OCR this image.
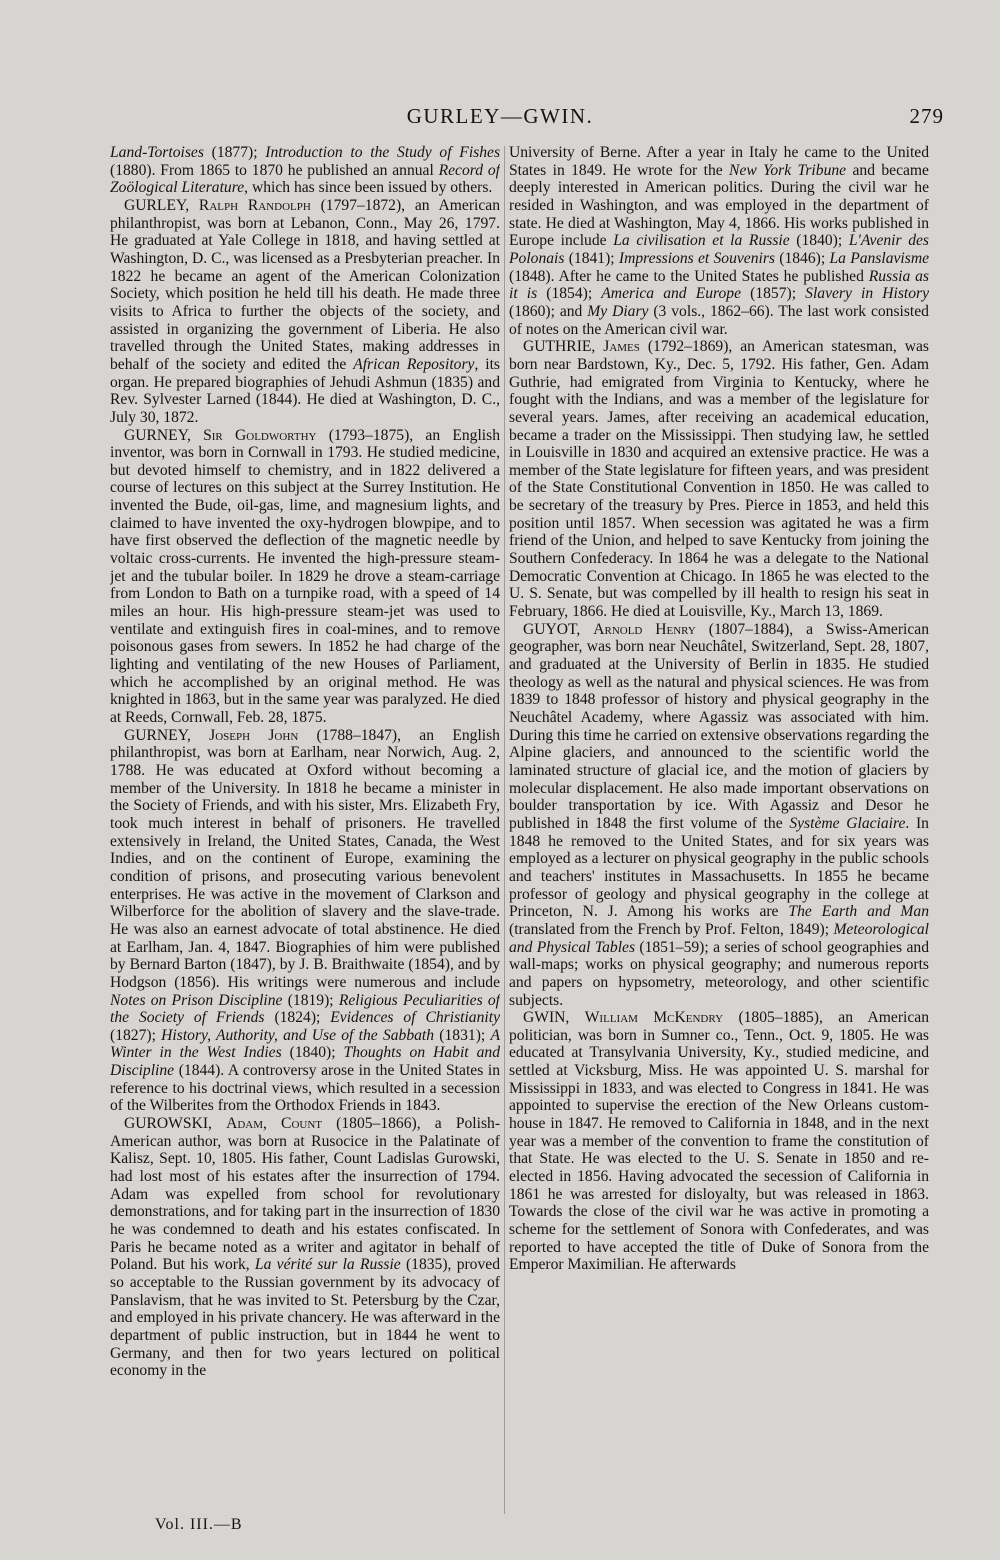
GURLEY—GWIN.	279

Land-Tortoises (1877); Introduction to the Study of Fishes (1880). From 1865 to 1870 he published an annual Record of Zoölogical Literature, which has since been issued by others.

GURLEY, Ralph Randolph (1797–1872), an American philanthropist, was born at Lebanon, Conn., May 26, 1797. He graduated at Yale College in 1818, and having settled at Washington, D. C., was licensed as a Presbyterian preacher. In 1822 he became an agent of the American Colonization Society, which position he held till his death. He made three visits to Africa to further the objects of the society, and assisted in organizing the government of Liberia. He also travelled through the United States, making addresses in behalf of the society and edited the African Repository, its organ. He prepared biographies of Jehudi Ashmun (1835) and Rev. Sylvester Larned (1844). He died at Washington, D. C., July 30, 1872.

GURNEY, Sir Goldworthy (1793–1875), an English inventor, was born in Cornwall in 1793. He studied medicine, but devoted himself to chemistry, and in 1822 delivered a course of lectures on this subject at the Surrey Institution. He invented the Bude, oil-gas, lime, and magnesium lights, and claimed to have invented the oxy-hydrogen blowpipe, and to have first observed the deflection of the magnetic needle by voltaic cross-currents. He invented the high-pressure steam-jet and the tubular boiler. In 1829 he drove a steam-carriage from London to Bath on a turnpike road, with a speed of 14 miles an hour. His high-pressure steam-jet was used to ventilate and extinguish fires in coal-mines, and to remove poisonous gases from sewers. In 1852 he had charge of the lighting and ventilating of the new Houses of Parliament, which he accomplished by an original method. He was knighted in 1863, but in the same year was paralyzed. He died at Reeds, Cornwall, Feb. 28, 1875.

GURNEY, Joseph John (1788–1847), an English philanthropist, was born at Earlham, near Norwich, Aug. 2, 1788. He was educated at Oxford without becoming a member of the University. In 1818 he became a minister in the Society of Friends, and with his sister, Mrs. Elizabeth Fry, took much interest in behalf of prisoners. He travelled extensively in Ireland, the United States, Canada, the West Indies, and on the continent of Europe, examining the condition of prisons, and prosecuting various benevolent enterprises. He was active in the movement of Clarkson and Wilberforce for the abolition of slavery and the slave-trade. He was also an earnest advocate of total abstinence. He died at Earlham, Jan. 4, 1847. Biographies of him were published by Bernard Barton (1847), by J. B. Braithwaite (1854), and by Hodgson (1856). His writings were numerous and include Notes on Prison Discipline (1819); Religious Peculiarities of the Society of Friends (1824); Evidences of Christianity (1827); History, Authority, and Use of the Sabbath (1831); A Winter in the West Indies (1840); Thoughts on Habit and Discipline (1844). A controversy arose in the United States in reference to his doctrinal views, which resulted in a secession of the Wilberites from the Orthodox Friends in 1843.

GUROWSKI, Adam, Count (1805–1866), a Polish-American author, was born at Rusocice in the Palatinate of Kalisz, Sept. 10, 1805. His father, Count Ladislas Gurowski, had lost most of his estates after the insurrection of 1794. Adam was expelled from school for revolutionary demonstrations, and for taking part in the insurrection of 1830 he was condemned to death and his estates confiscated. In Paris he became noted as a writer and agitator in behalf of Poland. But his work, La vérité sur la Russie (1835), proved so acceptable to the Russian government by its advocacy of Panslavism, that he was invited to St. Petersburg by the Czar, and employed in his private chancery. He was afterward in the department of public instruction, but in 1844 he went to Germany, and then for two years lectured on political economy in the

University of Berne. After a year in Italy he came to the United States in 1849. He wrote for the New York Tribune and became deeply interested in American politics. During the civil war he resided in Washington, and was employed in the department of state. He died at Washington, May 4, 1866. His works published in Europe include La civilisation et la Russie (1840); L'Avenir des Polonais (1841); Impressions et Souvenirs (1846); La Panslavisme (1848). After he came to the United States he published Russia as it is (1854); America and Europe (1857); Slavery in History (1860); and My Diary (3 vols., 1862–66). The last work consisted of notes on the American civil war.

GUTHRIE, James (1792–1869), an American statesman, was born near Bardstown, Ky., Dec. 5, 1792. His father, Gen. Adam Guthrie, had emigrated from Virginia to Kentucky, where he fought with the Indians, and was a member of the legislature for several years. James, after receiving an academical education, became a trader on the Mississippi. Then studying law, he settled in Louisville in 1830 and acquired an extensive practice. He was a member of the State legislature for fifteen years, and was president of the State Constitutional Convention in 1850. He was called to be secretary of the treasury by Pres. Pierce in 1853, and held this position until 1857. When secession was agitated he was a firm friend of the Union, and helped to save Kentucky from joining the Southern Confederacy. In 1864 he was a delegate to the National Democratic Convention at Chicago. In 1865 he was elected to the U. S. Senate, but was compelled by ill health to resign his seat in February, 1866. He died at Louisville, Ky., March 13, 1869.

GUYOT, Arnold Henry (1807–1884), a Swiss-American geographer, was born near Neuchâtel, Switzerland, Sept. 28, 1807, and graduated at the University of Berlin in 1835. He studied theology as well as the natural and physical sciences. He was from 1839 to 1848 professor of history and physical geography in the Neuchâtel Academy, where Agassiz was associated with him. During this time he carried on extensive observations regarding the Alpine glaciers, and announced to the scientific world the laminated structure of glacial ice, and the motion of glaciers by molecular displacement. He also made important observations on boulder transportation by ice. With Agassiz and Desor he published in 1848 the first volume of the Système Glaciaire. In 1848 he removed to the United States, and for six years was employed as a lecturer on physical geography in the public schools and teachers' institutes in Massachusetts. In 1855 he became professor of geology and physical geography in the college at Princeton, N. J. Among his works are The Earth and Man (translated from the French by Prof. Felton, 1849); Meteorological and Physical Tables (1851–59); a series of school geographies and wall-maps; works on physical geography; and numerous reports and papers on hypsometry, meteorology, and other scientific subjects.

GWIN, William McKendry (1805–1885), an American politician, was born in Sumner co., Tenn., Oct. 9, 1805. He was educated at Transylvania University, Ky., studied medicine, and settled at Vicksburg, Miss. He was appointed U. S. marshal for Mississippi in 1833, and was elected to Congress in 1841. He was appointed to supervise the erection of the New Orleans custom-house in 1847. He removed to California in 1848, and in the next year was a member of the convention to frame the constitution of that State. He was elected to the U. S. Senate in 1850 and re-elected in 1856. Having advocated the secession of California in 1861 he was arrested for disloyalty, but was released in 1863. Towards the close of the civil war he was active in promoting a scheme for the settlement of Sonora with Confederates, and was reported to have accepted the title of Duke of Sonora from the Emperor Maximilian. He afterwards

Vol. III.—B
